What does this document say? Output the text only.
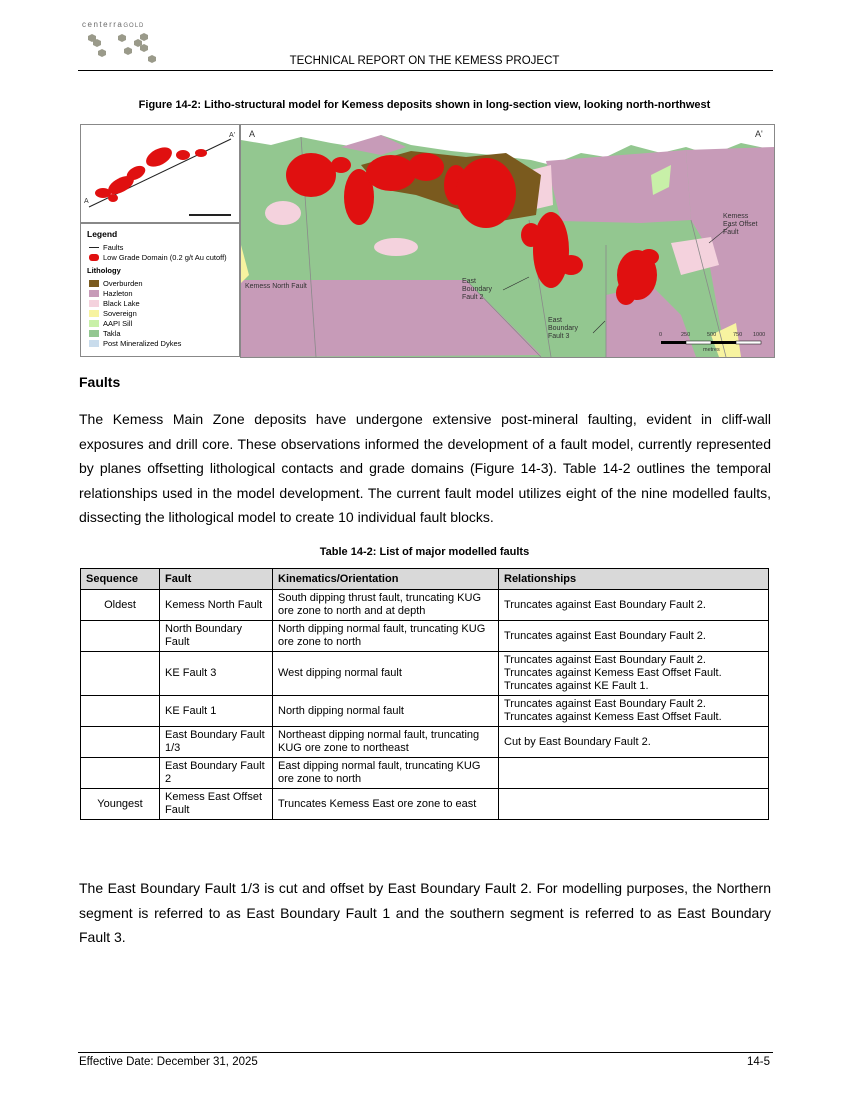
centerraGOLD
TECHNICAL REPORT ON THE KEMESS PROJECT
Figure 14-2: Litho-structural model for Kemess deposits shown in long-section view, looking north-northwest
A
A'
Legend
Faults
Low Grade Domain (0.2 g/t Au cutoff)
Lithology
Overburden
Hazleton
Black Lake
Sovereign
AAPI Sill
Takla
Post Mineralized Dykes
A	A'
Kemess North Fault
East
Boundary
Fault 2
East
Boundary
Fault 3
Kemess
East Offset
Fault
0	250	500	750 1000
metres
Faults
The Kemess Main Zone deposits have undergone extensive post-mineral faulting, evident in cliff-wall exposures and drill core. These observations informed the development of a fault model, currently represented by planes offsetting lithological contacts and grade domains (Figure 14-3). Table 14-2 outlines the temporal relationships used in the model development. The current fault model utilizes eight of the nine modelled faults, dissecting the lithological model to create 10 individual fault blocks.
Table 14-2: List of major modelled faults
Sequence	Fault	Kinematics/Orientation	Relationships
Oldest	Kemess North Fault	South dipping thrust fault, truncating KUG ore zone to north and at depth	Truncates against East Boundary Fault 2.

	North Boundary Fault	North dipping normal fault, truncating KUG ore zone to north	Truncates against East Boundary Fault 2.

	KE Fault 3	West dipping normal fault	Truncates against East Boundary Fault 2.
Truncates against Kemess East Offset Fault.
Truncates against KE Fault 1.

	KE Fault 1	North dipping normal fault	Truncates against East Boundary Fault 2.
Truncates against Kemess East Offset Fault.

	East Boundary Fault 1/3	Northeast dipping normal fault, truncating KUG ore zone to northeast	Cut by East Boundary Fault 2.

	East Boundary Fault 2	East dipping normal fault, truncating KUG ore zone to north	
Youngest	Kemess East Offset Fault	Truncates Kemess East ore zone to east	
The East Boundary Fault 1/3 is cut and offset by East Boundary Fault 2. For modelling purposes, the Northern segment is referred to as East Boundary Fault 1 and the southern segment is referred to as East Boundary Fault 3.
Effective Date: December 31, 2025	14-5
